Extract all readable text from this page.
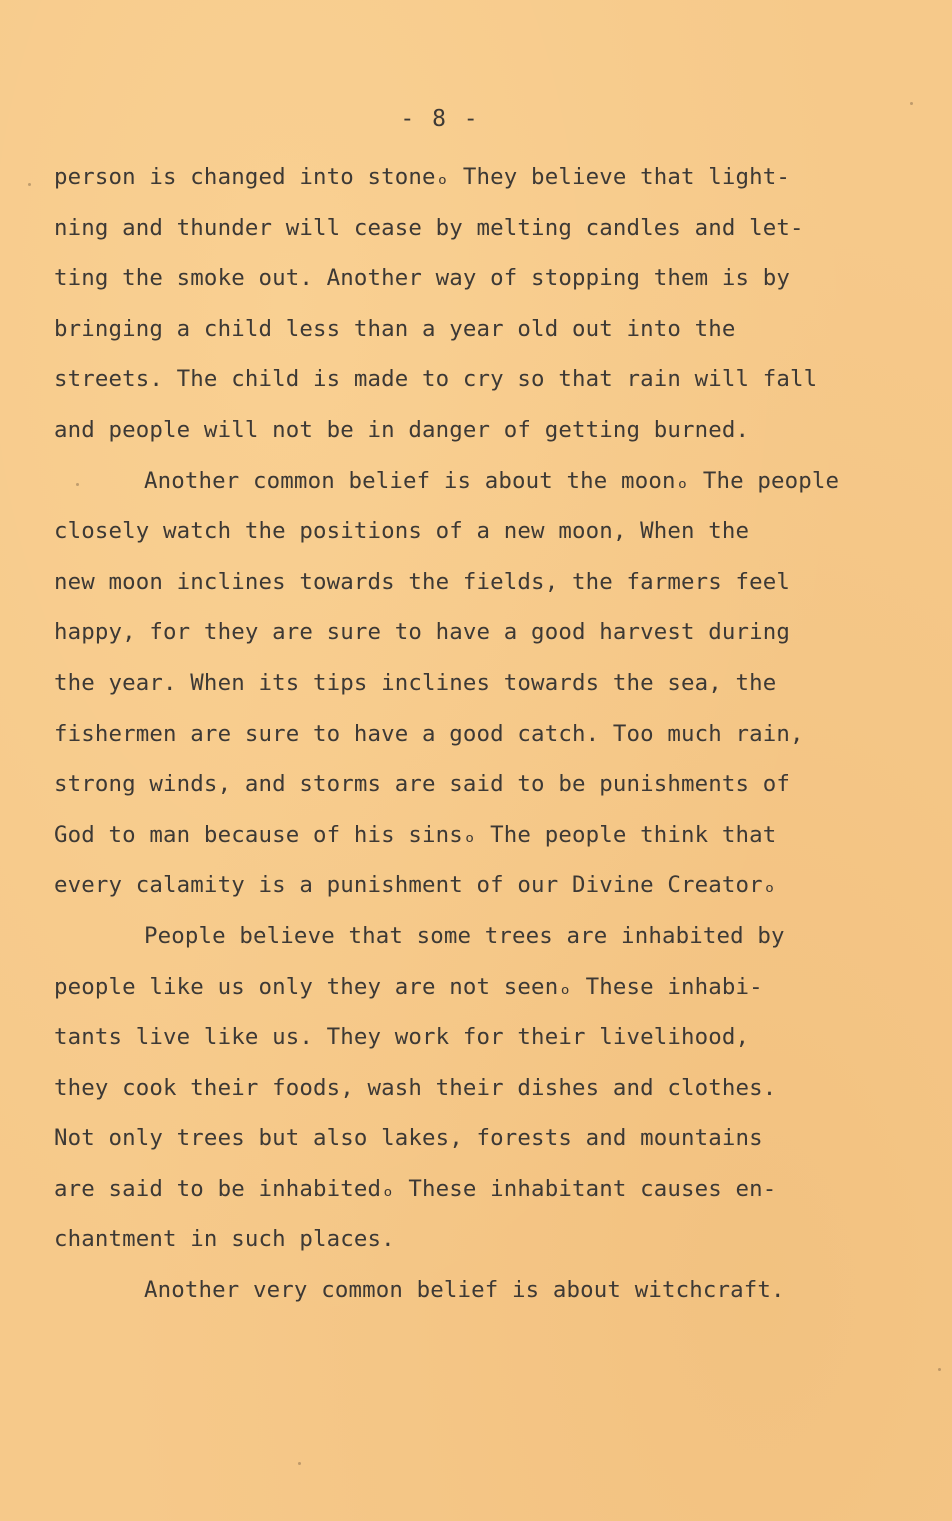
- 8 -

person is changed into stoneₒ They believe that light-
ning and thunder will cease by melting candles and let-
ting the smoke out. Another way of stopping them is by
bringing a child less than a year old out into the
streets. The child is made to cry so that rain will fall
and people will not be in danger of getting burned.
Another common belief is about the moonₒ The people
closely watch the positions of a new moon, When the
new moon inclines towards the fields, the farmers feel
happy, for they are sure to have a good harvest during
the year. When its tips inclines towards the sea, the
fishermen are sure to have a good catch. Too much rain,
strong winds, and storms are said to be punishments of
God to man because of his sinsₒ The people think that
every calamity is a punishment of our Divine Creatorₒ
People believe that some trees are inhabited by
people like us only they are not seenₒ These inhabi-
tants live like us. They work for their livelihood,
they cook their foods, wash their dishes and clothes.
Not only trees but also lakes, forests and mountains
are said to be inhabitedₒ These inhabitant causes en-
chantment in such places.
Another very common belief is about witchcraft.
